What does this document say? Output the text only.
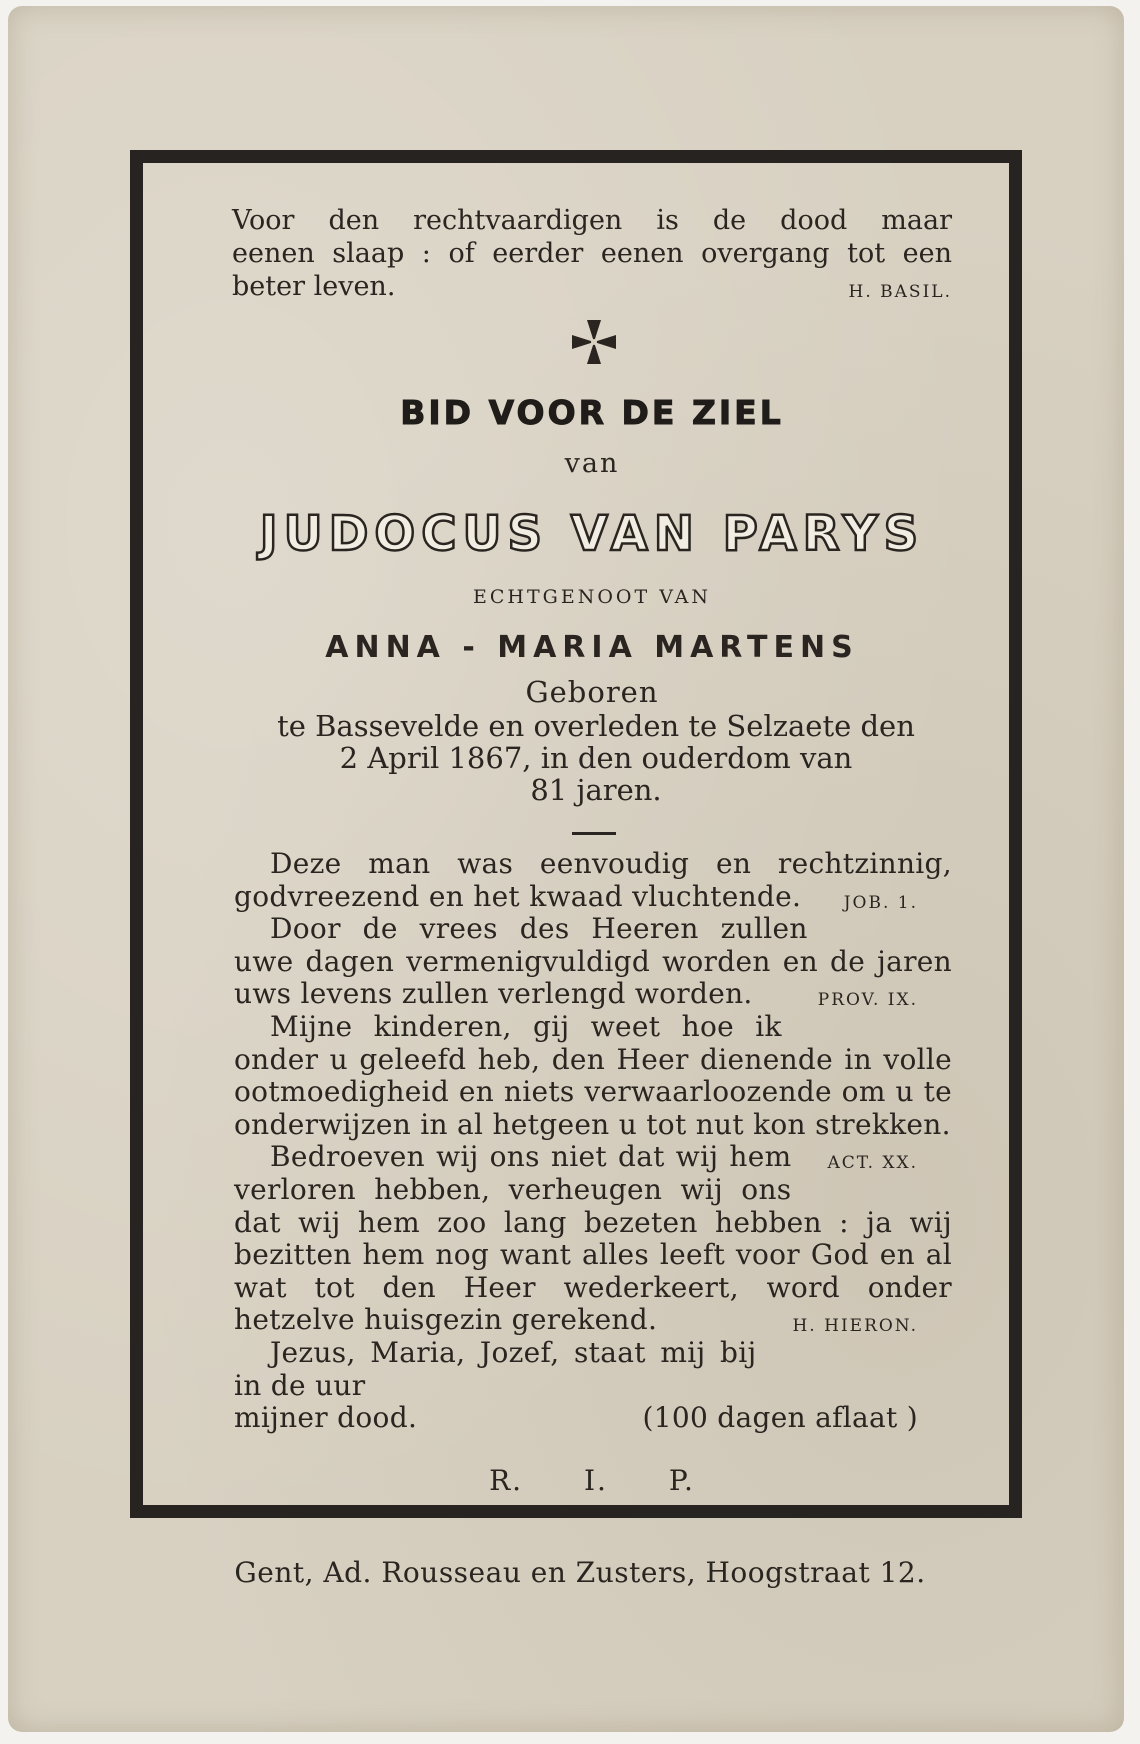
Voor den rechtvaardigen is de dood maar
eenen slaap : of eerder eenen overgang tot een
beter leven.	H. BASIL.
BID VOOR DE ZIEL
van
JUDOCUS VAN PARYS
ECHTGENOOT VAN
ANNA - MARIA MARTENS
Geboren
te Bassevelde en overleden te Selzaete den
2 April 1867, in den ouderdom van
81 jaren.

Deze man was eenvoudig en rechtzinnig, godvreezend en het kwaad vluchtende.	JOB. 1.

Door de vrees des Heeren zullen uwe dagen vermenigvuldigd worden en de jaren uws levens zullen verlengd worden.	PROV. IX.

Mijne kinderen, gij weet hoe ik onder u geleefd heb, den Heer dienende in volle ootmoedigheid en niets verwaarloozende om u te onderwijzen in al hetgeen u tot nut kon strekken.
ACT. XX.

Bedroeven wij ons niet dat wij hem verloren hebben, verheugen wij ons dat wij hem zoo lang bezeten hebben : ja wij bezitten hem nog want alles leeft voor God en al wat tot den Heer wederkeert, word onder hetzelve huisgezin gerekend.	H. HIERON.

Jezus, Maria, Jozef, staat mij bij in de uur

mijner dood.	(100 dagen aflaat )
R. I. P.
Gent, Ad. Rousseau en Zusters, Hoogstraat 12.
